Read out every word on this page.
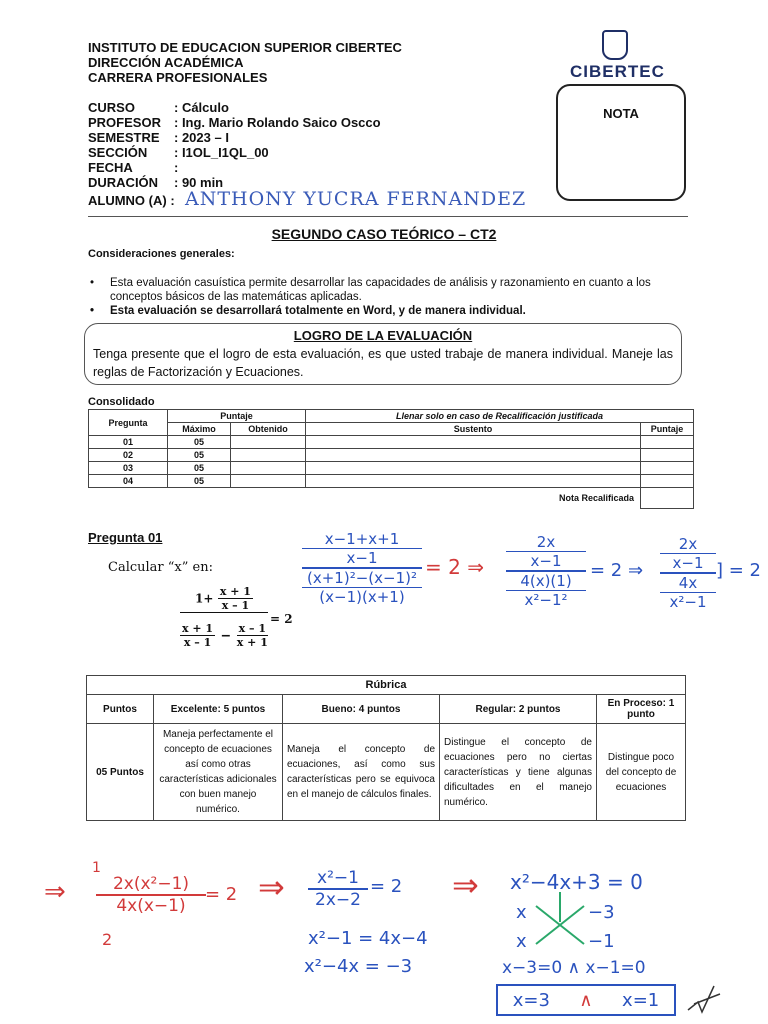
INSTITUTO DE EDUCACION SUPERIOR CIBERTEC
DIRECCIÓN ACADÉMICA
CARRERA PROFESIONALES	CIBERTEC
NOTA
CURSO	: Cálculo
PROFESOR	: Ing. Mario Rolando Saico Oscco
SEMESTRE	: 2023 – I
SECCIÓN	: I1OL_I1QL_00
FECHA	:
DURACIÓN	: 90 min
ALUMNO (A) : ANTHONY YUCRA FERNANDEZ
SEGUNDO CASO TEÓRICO – CT2
Consideraciones generales:
• Esta evaluación casuística permite desarrollar las capacidades de análisis y razonamiento en cuanto a los conceptos básicos de las matemáticas aplicadas.
• Esta evaluación se desarrollará totalmente en Word, y de manera individual.
LOGRO DE LA EVALUACIÓN
Tenga presente que el logro de esta evaluación, es que usted trabaje de manera individual. Maneje las reglas de Factorización y Ecuaciones.
Consolidado
Pregunta	Puntaje		Llenar solo en caso de Recalificación justificada	
	Máximo	Obtenido	Sustento	Puntaje
01	05			
02	05			
03	05			
04	05			
Nota Recalificada				
Pregunta 01
Calcular “x” en:
$1+ \frac{x + 1}{x - 1}$
$\frac{x + 1}{x - 1} - \frac{x - 1}{x + 1}$
= 2
x−1+x+1
x−1
(x+1)²−(x−1)²
(x−1)(x+1)
= 2 ⇒
2x
x−1
4(x)(1)
x²−1²
= 2 ⇒
2x
x−1
4x
x²−1
] = 2
Rúbrica				
Puntos	Excelente: 5 puntos	Bueno: 4 puntos	Regular: 2 puntos	En Proceso: 1 punto
05 Puntos	Maneja perfectamente el concepto de ecuaciones así como otras características adicionales con buen manejo numérico.	Maneja el concepto de ecuaciones, así como sus características pero se equivoca en el manejo de cálculos finales.	Distingue el concepto de ecuaciones pero no ciertas características y tiene algunas dificultades en el manejo numérico.	Distingue poco del concepto de ecuaciones
⇒
1
2x(x²−1)
4x(x−1)
2
= 2 ⇒	x²−1
2x−2
= 2
x²−1 = 4x−4
x²−4x = −3
⇒ x²−4x+3 = 0
x	−3
x	−1
x−3=0 ∧ x−1=0
x=3 ∧ x=1
